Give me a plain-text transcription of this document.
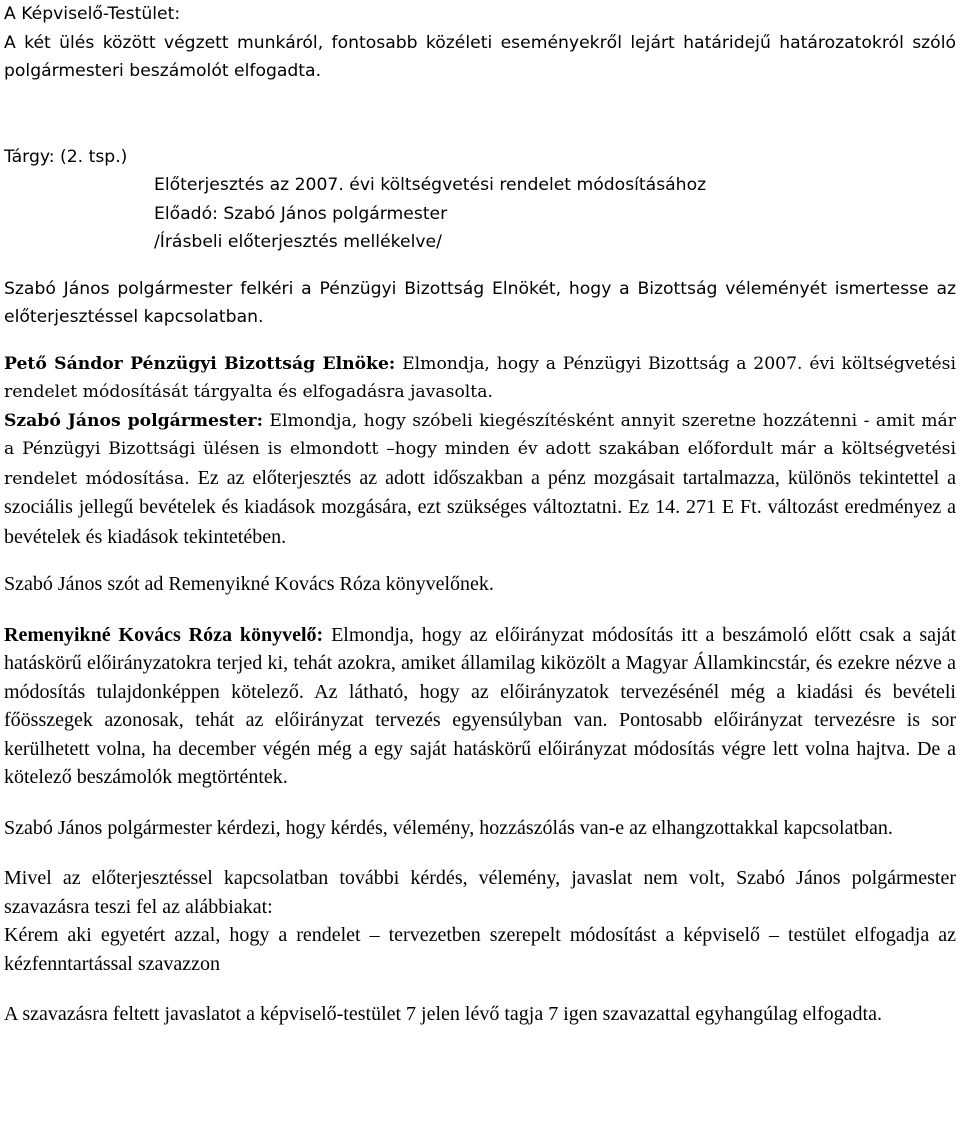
A Képviselő-Testület:

A két ülés között végzett munkáról, fontosabb közéleti eseményekről lejárt határidejű határozatokról szóló polgármesteri beszámolót elfogadta.

Tárgy: (2. tsp.)

Előterjesztés az 2007. évi költségvetési rendelet módosításához

Előadó: Szabó János polgármester

/Írásbeli előterjesztés mellékelve/

Szabó János polgármester felkéri a Pénzügyi Bizottság Elnökét, hogy a Bizottság véleményét ismertesse az előterjesztéssel kapcsolatban.

Pető Sándor Pénzügyi Bizottság Elnöke: Elmondja, hogy a Pénzügyi Bizottság a 2007. évi költségvetési rendelet módosítását tárgyalta és elfogadásra javasolta.

Szabó János polgármester: Elmondja, hogy szóbeli kiegészítésként annyit szeretne hozzátenni - amit már a Pénzügyi Bizottsági ülésen is elmondott –hogy minden év adott szakában előfordult már a költségvetési rendelet módosítása. Ez az előterjesztés az adott időszakban a pénz mozgásait tartalmazza, különös tekintettel a szociális jellegű bevételek és kiadások mozgására, ezt szükséges változtatni. Ez 14. 271 E Ft. változást eredményez a bevételek és kiadások tekintetében.

Szabó János szót ad Remenyikné Kovács Róza könyvelőnek.

Remenyikné Kovács Róza könyvelő: Elmondja, hogy az előirányzat módosítás itt a beszámoló előtt csak a saját hatáskörű előirányzatokra terjed ki, tehát azokra, amiket államilag kiközölt a Magyar Államkincstár, és ezekre nézve a módosítás tulajdonképpen kötelező. Az látható, hogy az előirányzatok tervezésénél még a kiadási és bevételi főösszegek azonosak, tehát az előirányzat tervezés egyensúlyban van. Pontosabb előirányzat tervezésre is sor kerülhetett volna, ha december végén még a egy saját hatáskörű előirányzat módosítás végre lett volna hajtva. De a kötelező beszámolók megtörténtek.

Szabó János polgármester kérdezi, hogy kérdés, vélemény, hozzászólás van-e az elhangzottakkal kapcsolatban.

Mivel az előterjesztéssel kapcsolatban további kérdés, vélemény, javaslat nem volt, Szabó János polgármester szavazásra teszi fel az alábbiakat:

Kérem aki egyetért azzal, hogy a rendelet – tervezetben szerepelt módosítást a képviselő – testület elfogadja az kézfenntartással szavazzon

A szavazásra feltett javaslatot a képviselő-testület 7 jelen lévő tagja 7 igen szavazattal egyhangúlag elfogadta.
